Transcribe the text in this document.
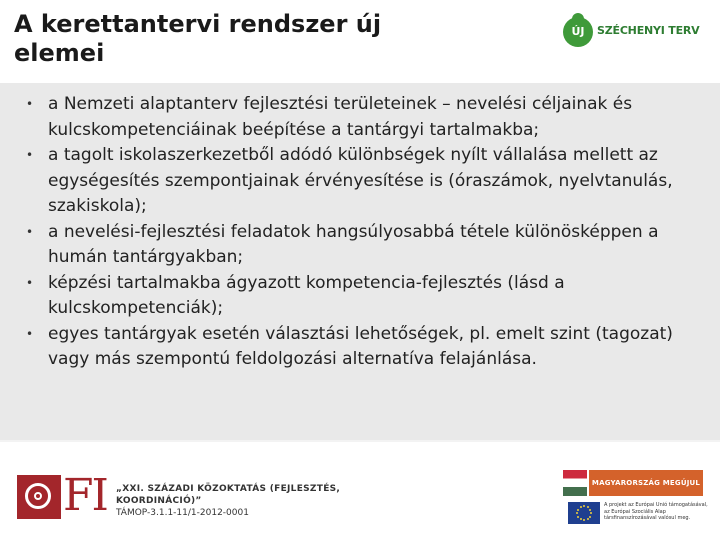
A kerettantervi rendszer új elemei
ÚJ	SZÉCHENYI TERV
• a Nemzeti alaptanterv fejlesztési területeinek – nevelési céljainak és kulcskompetenciáinak beépítése a tantárgyi tartalmakba;
• a tagolt iskolaszerkezetből adódó különbségek nyílt vállalása mellett az egységesítés szempontjainak érvényesítése is (óraszámok, nyelvtanulás, szakiskola);
• a nevelési-fejlesztési feladatok hangsúlyosabbá tétele különösképpen a humán tantárgyakban;
• képzési tartalmakba ágyazott kompetencia-fejlesztés (lásd a kulcskompetenciák);
• egyes tantárgyak esetén választási lehetőségek, pl. emelt szint (tagozat) vagy más szempontú feldolgozási alternatíva felajánlása.
FI „XXI. SZÁZADI KÖZOKTATÁS (FEJLESZTÉS,
KOORDINÁCIÓ)”
TÁMOP-3.1.1-11/1-2012-0001
MAGYARORSZÁG MEGÚJUL
A projekt az Európai Unió támogatásával,
az Európai Szociális Alap
társfinanszírozásával valósul meg.
